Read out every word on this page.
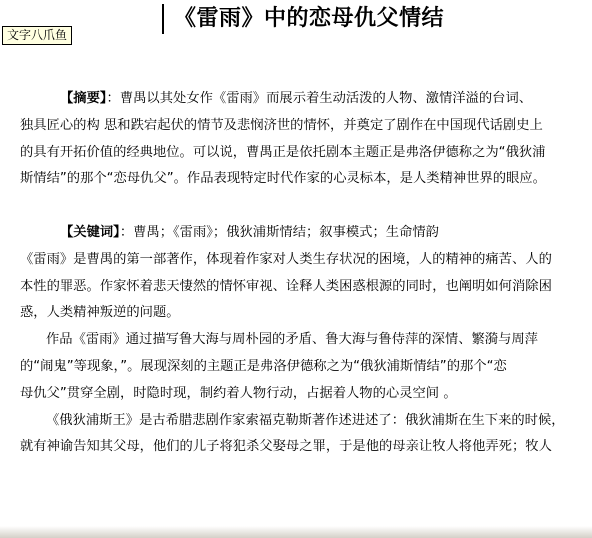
《雷雨》中的恋母仇父情结
文字八爪鱼
【摘要】：曹禺以其处女作《雷雨》而展示着生动活泼的人物、激情洋溢的台词、
独具匠心的构 思和跌宕起伏的情节及悲悯济世的情怀，并奠定了剧作在中国现代话剧史上
的具有开拓价值的经典地位。可以说，曹禺正是依托剧本主题正是弗洛伊德称之为“俄狄浦
斯情结”的那个“恋母仇父”。作品表现特定时代作家的心灵标本，是人类精神世界的眼应。
【关键词】：曹禺；《雷雨》；俄狄浦斯情结；叙事模式；生命情韵
《雷雨》是曹禺的第一部著作，体现着作家对人类生存状况的困境，人的精神的痛苦、人的
本性的罪恶。作家怀着悲天悽然的情怀审视、诠释人类困惑根源的同时，也阐明如何消除困
惑，人类精神叛逆的问题。
作品《雷雨》通过描写鲁大海与周朴园的矛盾、鲁大海与鲁侍萍的深情、繁漪与周萍
的“闹鬼”等现象，”。展现深刻的主题正是弗洛伊德称之为“俄狄浦斯情结”的那个“恋
母仇父”贯穿全剧，时隐时现，制约着人物行动，占据着人物的心灵空间 。
《俄狄浦斯王》是古希腊悲剧作家索福克勒斯著作述进述了：俄狄浦斯在生下来的时候，
就有神谕告知其父母，他们的儿子将犯杀父娶母之罪，于是他的母亲让牧人将他弄死；牧人
